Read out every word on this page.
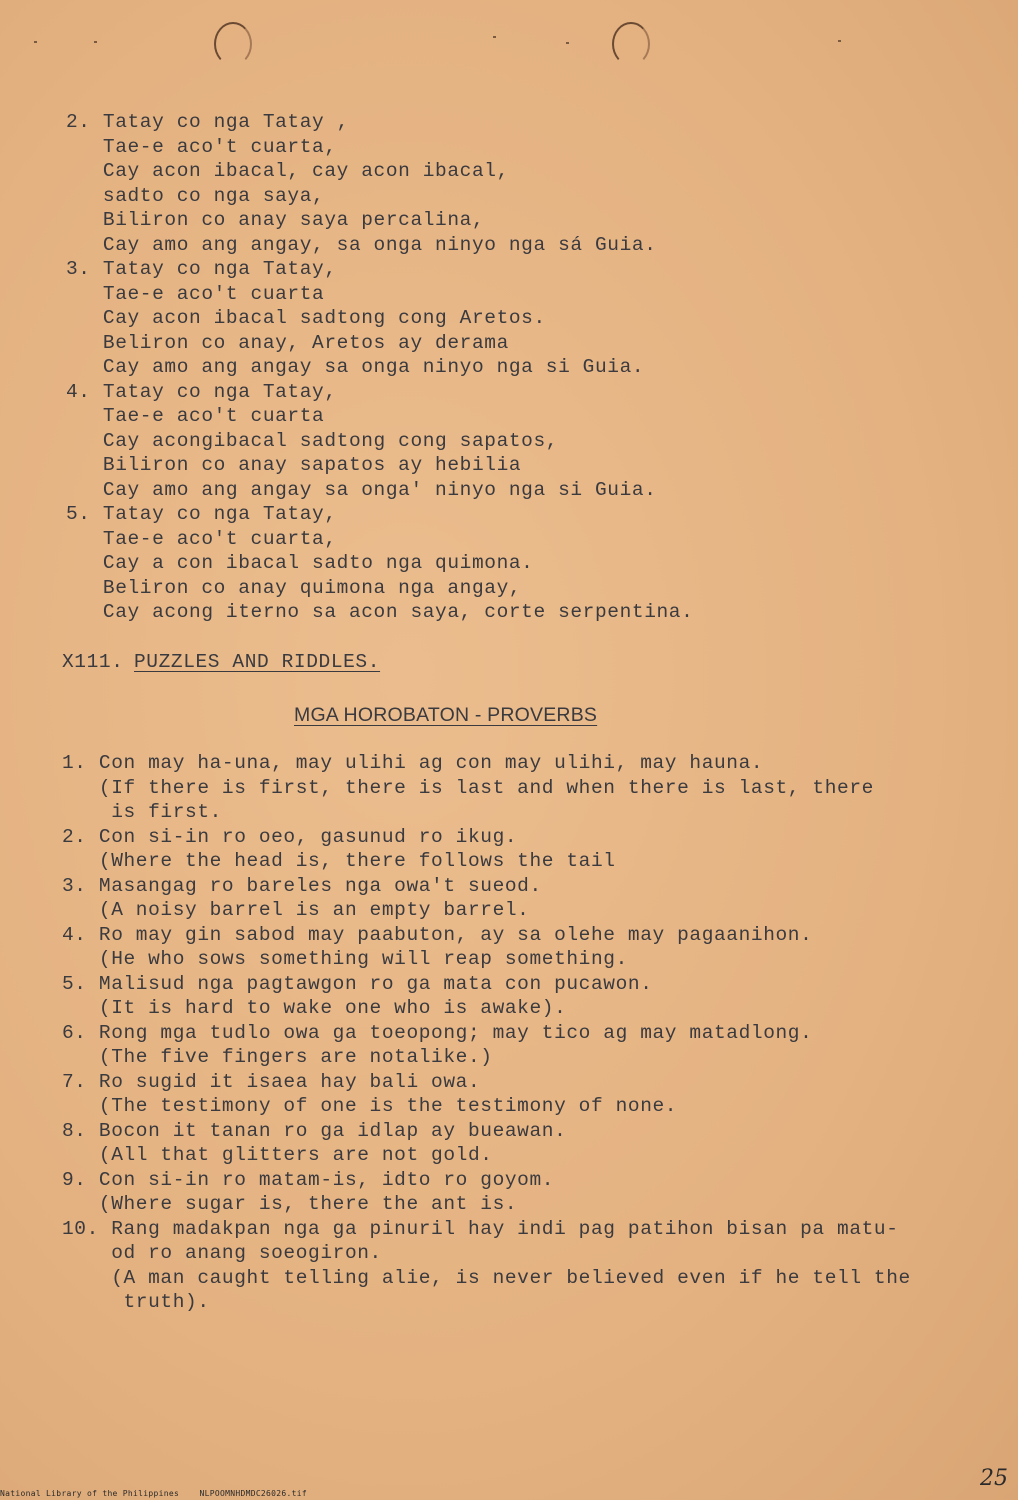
2. Tatay co nga Tatay ,
Tae-e aco't cuarta,
Cay acon ibacal, cay acon ibacal,
sadto co nga saya,
Biliron co anay saya percalina,
Cay amo ang angay, sa onga ninyo nga sá Guia.
3. Tatay co nga Tatay,
Tae-e aco't cuarta
Cay acon ibacal sadtong cong Aretos.
Beliron co anay, Aretos ay derama
Cay amo ang angay sa onga ninyo nga si Guia.
4. Tatay co nga Tatay,
Tae-e aco't cuarta
Cay acongibacal sadtong cong sapatos,
Biliron co anay sapatos ay hebilia
Cay amo ang angay sa onga' ninyo nga si Guia.
5. Tatay co nga Tatay,
Tae-e aco't cuarta,
Cay a con ibacal sadto nga quimona.
Beliron co anay quimona nga angay,
Cay acong iterno sa acon saya, corte serpentina.
X111. PUZZLES AND RIDDLES.
MGA HOROBATON - PROVERBS
1. Con may ha-una, may ulihi ag con may ulihi, may hauna.
(If there is first, there is last and when there is last, there
is first.
2. Con si-in ro oeo, gasunud ro ikug.
(Where the head is, there follows the tail
3. Masangag ro bareles nga owa't sueod.
(A noisy barrel is an empty barrel.
4. Ro may gin sabod may paabuton, ay sa olehe may pagaanihon.
(He who sows something will reap something.
5. Malisud nga pagtawgon ro ga mata con pucawon.
(It is hard to wake one who is awake).
6. Rong mga tudlo owa ga toeopong; may tico ag may matadlong.
(The five fingers are notalike.)
7. Ro sugid it isaea hay bali owa.
(The testimony of one is the testimony of none.
8. Bocon it tanan ro ga idlap ay bueawan.
(All that glitters are not gold.
9. Con si-in ro matam-is, idto ro goyom.
(Where sugar is, there the ant is.
10. Rang madakpan nga ga pinuril hay indi pag patihon bisan pa matu-
od ro anang soeogiron.
(A man caught telling alie, is never believed even if he tell the
truth).
National Library of the Philippines    NLPOOMNHDMDC26026.tif
25
